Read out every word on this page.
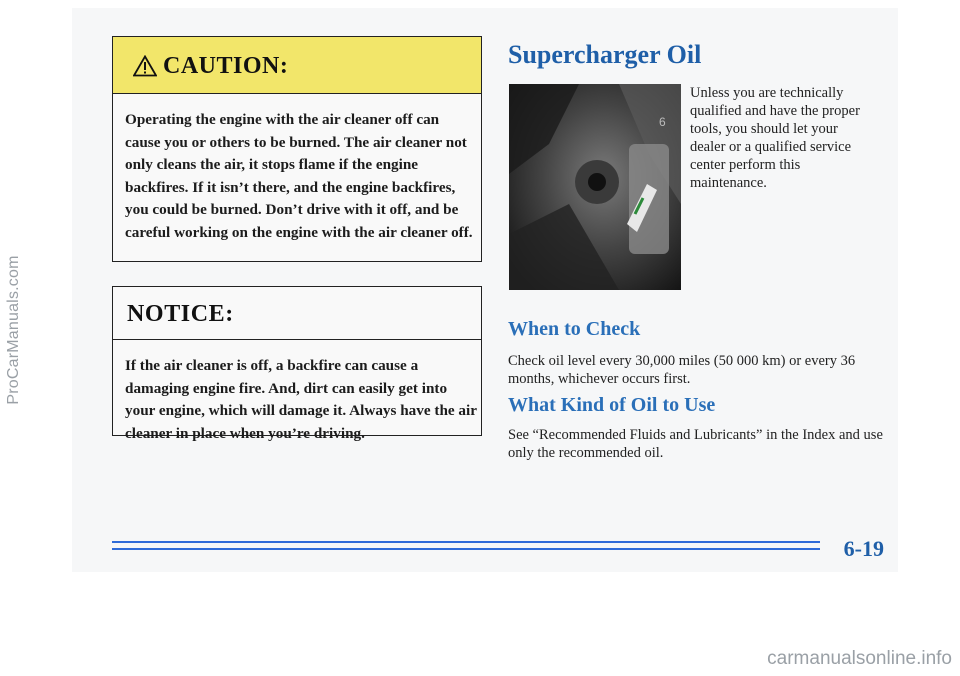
ProCarManuals.com
CAUTION:
Operating the engine with the air cleaner off can cause you or others to be burned. The air cleaner not only cleans the air, it stops flame if the engine backfires. If it isn’t there, and the engine backfires, you could be burned. Don’t drive with it off, and be careful working on the engine with the air cleaner off.
NOTICE:
If the air cleaner is off, a backfire can cause a damaging engine fire. And, dirt can easily get into your engine, which will damage it. Always have the air cleaner in place when you’re driving.
Supercharger Oil
6
Unless you are technically qualified and have the proper tools, you should let your dealer or a qualified service center perform this maintenance.
When to Check
Check oil level every 30,000 miles (50 000 km) or every 36 months, whichever occurs first.
What Kind of Oil to Use
See “Recommended Fluids and Lubricants” in the Index and use only the recommended oil.
6-19
carmanualsonline.info
